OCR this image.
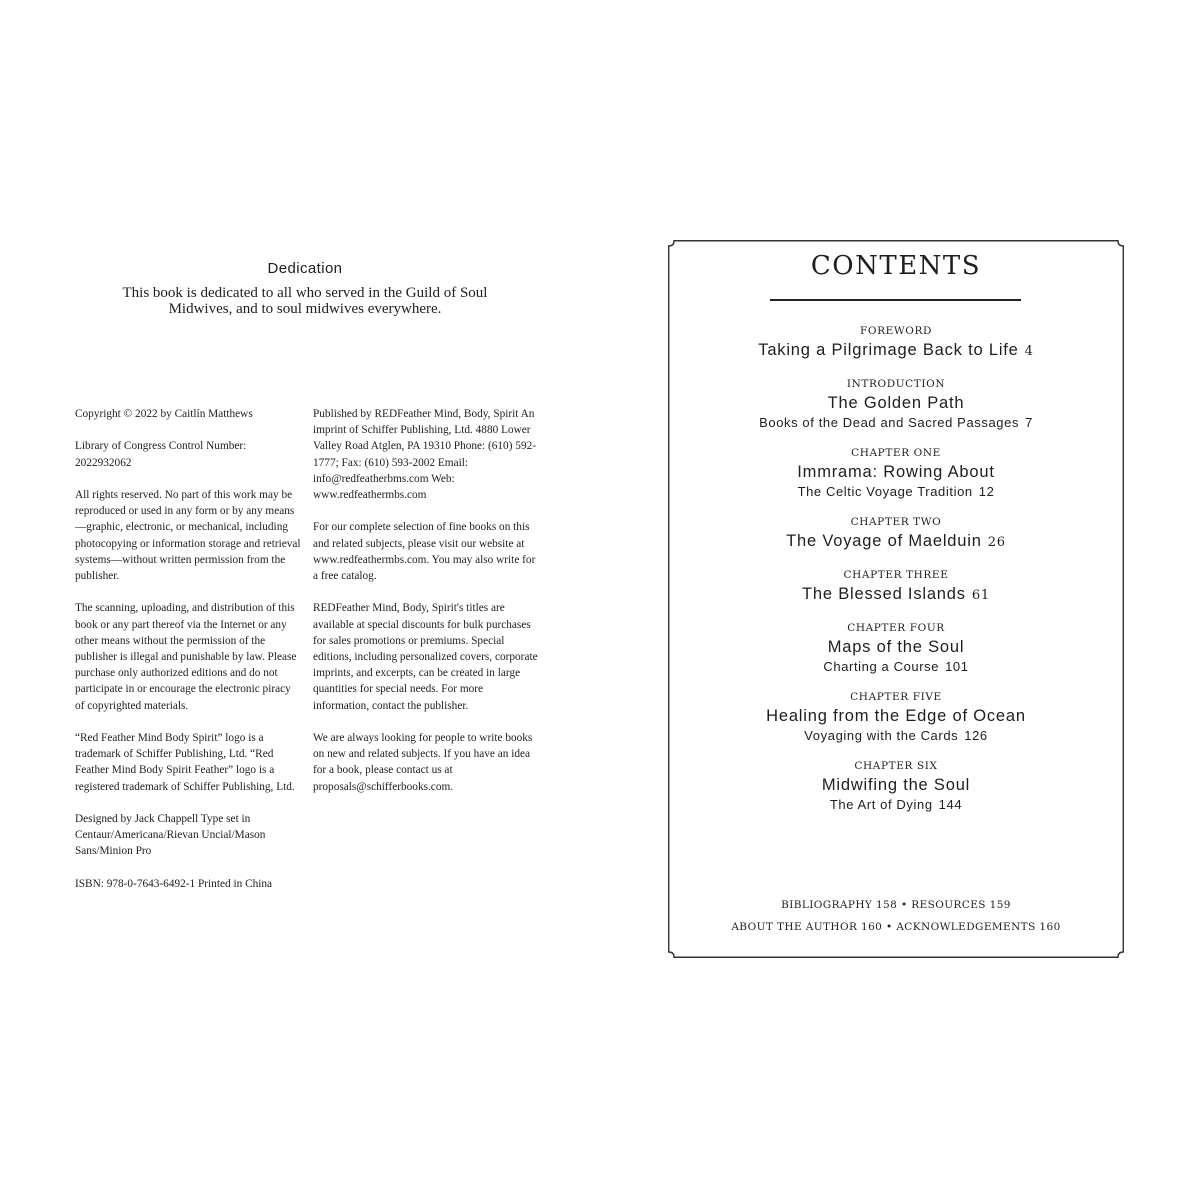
Dedication
This book is dedicated to all who served in the Guild of Soul
Midwives, and to soul midwives everywhere.

Copyright © 2022 by Caitlín Matthews

Library of Congress Control Number: 2022932062

All rights reserved. No part of this work may be reproduced or used in any form or by any means—graphic, electronic, or mechanical, including photocopying or information storage and retrieval systems—without written permission from the publisher.

The scanning, uploading, and distribution of this book or any part thereof via the Internet or any other means without the permission of the publisher is illegal and punishable by law. Please purchase only authorized editions and do not participate in or encourage the electronic piracy of copyrighted materials.

“Red Feather Mind Body Spirit” logo is a trademark of Schiffer Publishing, Ltd. “Red Feather Mind Body Spirit Feather” logo is a registered trademark of Schiffer Publishing, Ltd.

Designed by Jack Chappell Type set in Centaur/Americana/Rievan Uncial/Mason Sans/Minion Pro

ISBN: 978-0-7643-6492-1 Printed in China

Published by REDFeather Mind, Body, Spirit An imprint of Schiffer Publishing, Ltd. 4880 Lower Valley Road Atglen, PA 19310 Phone: (610) 592-1777; Fax: (610) 593-2002 Email: info@redfeatherbms.com Web: www.redfeathermbs.com

For our complete selection of fine books on this and related subjects, please visit our website at www.redfeathermbs.com. You may also write for a free catalog.

REDFeather Mind, Body, Spirit's titles are available at special discounts for bulk purchases for sales promotions or premiums. Special editions, including personalized covers, corporate imprints, and excerpts, can be created in large quantities for special needs. For more information, contact the publisher.

We are always looking for people to write books on new and related subjects. If you have an idea for a book, please contact us at proposals@schifferbooks.com.

CONTENTS
FOREWORD
Taking a Pilgrimage Back to Life 4
INTRODUCTION
The Golden Path
Books of the Dead and Sacred Passages 7
CHAPTER ONE
Immrama: Rowing About
The Celtic Voyage Tradition 12
CHAPTER TWO
The Voyage of Maelduin 26
CHAPTER THREE
The Blessed Islands 61
CHAPTER FOUR
Maps of the Soul
Charting a Course 101
CHAPTER FIVE
Healing from the Edge of Ocean
Voyaging with the Cards 126
CHAPTER SIX
Midwifing the Soul
The Art of Dying 144
BIBLIOGRAPHY 158 • RESOURCES 159
ABOUT THE AUTHOR 160 • ACKNOWLEDGEMENTS 160
